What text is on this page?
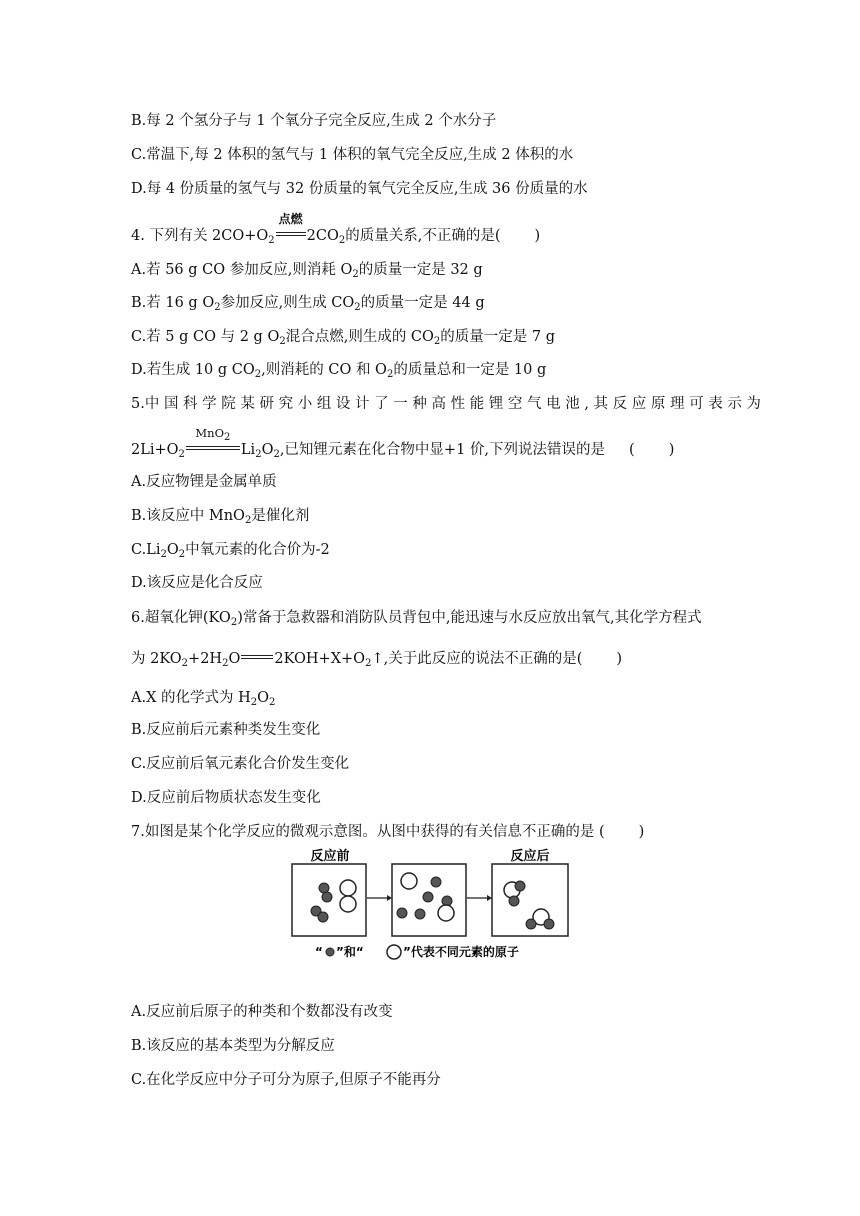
B.每 2 个氢分子与 1 个氧分子完全反应,生成 2 个水分子
C.常温下,每 2 体积的氢气与 1 体积的氧气完全反应,生成 2 体积的水
D.每 4 份质量的氢气与 32 份质量的氧气完全反应,生成 36 份质量的水
4. 下列有关 $2CO+O_2$
点燃
$2CO_2$的质量关系,不正确的是( )
A.若 56 g CO 参加反应,则消耗 $O_2$的质量一定是 32 g
B.若 16 g $O_2$参加反应,则生成 $CO_2$的质量一定是 44 g
C.若 5 g CO 与 2 g $O_2$混合点燃,则生成的 $CO_2$的质量一定是 7 g
D.若生成 10 g $CO_2$,则消耗的 CO 和 $O_2$的质量总和一定是 10 g
5.中 国 科 学 院 某 研 究 小 组 设 计 了 一 种 高 性 能 锂 空 气 电 池 , 其 反 应 原 理 可 表 示 为
$2Li+O_2$
MnO$_2$
$Li_2O_2$,已知锂元素在化合物中显+1 价,下列说法错误的是 ( )
A.反应物锂是金属单质
B.该反应中 MnO$_2$是催化剂
$C.Li_2O_2$中氧元素的化合价为-2
D.该反应是化合反应
6.超氧化钾$(KO_2)$常备于急救器和消防队员背包中,能迅速与水反应放出氧气,其化学方程式
为 $2KO_2+2H_2O$ $2KOH+X+O_2↑$,关于此反应的说法不正确的是( )
A.X 的化学式为 $H_2O_2$
B.反应前后元素种类发生变化
C.反应前后氧元素化合价发生变化
D.反应前后物质状态发生变化
7.如图是某个化学反应的微观示意图。从图中获得的有关信息不正确的是 ( )
反应前	反应后
“ ”和“	”代表不同元素的原子
A.反应前后原子的种类和个数都没有改变
B.该反应的基本类型为分解反应
C.在化学反应中分子可分为原子,但原子不能再分
